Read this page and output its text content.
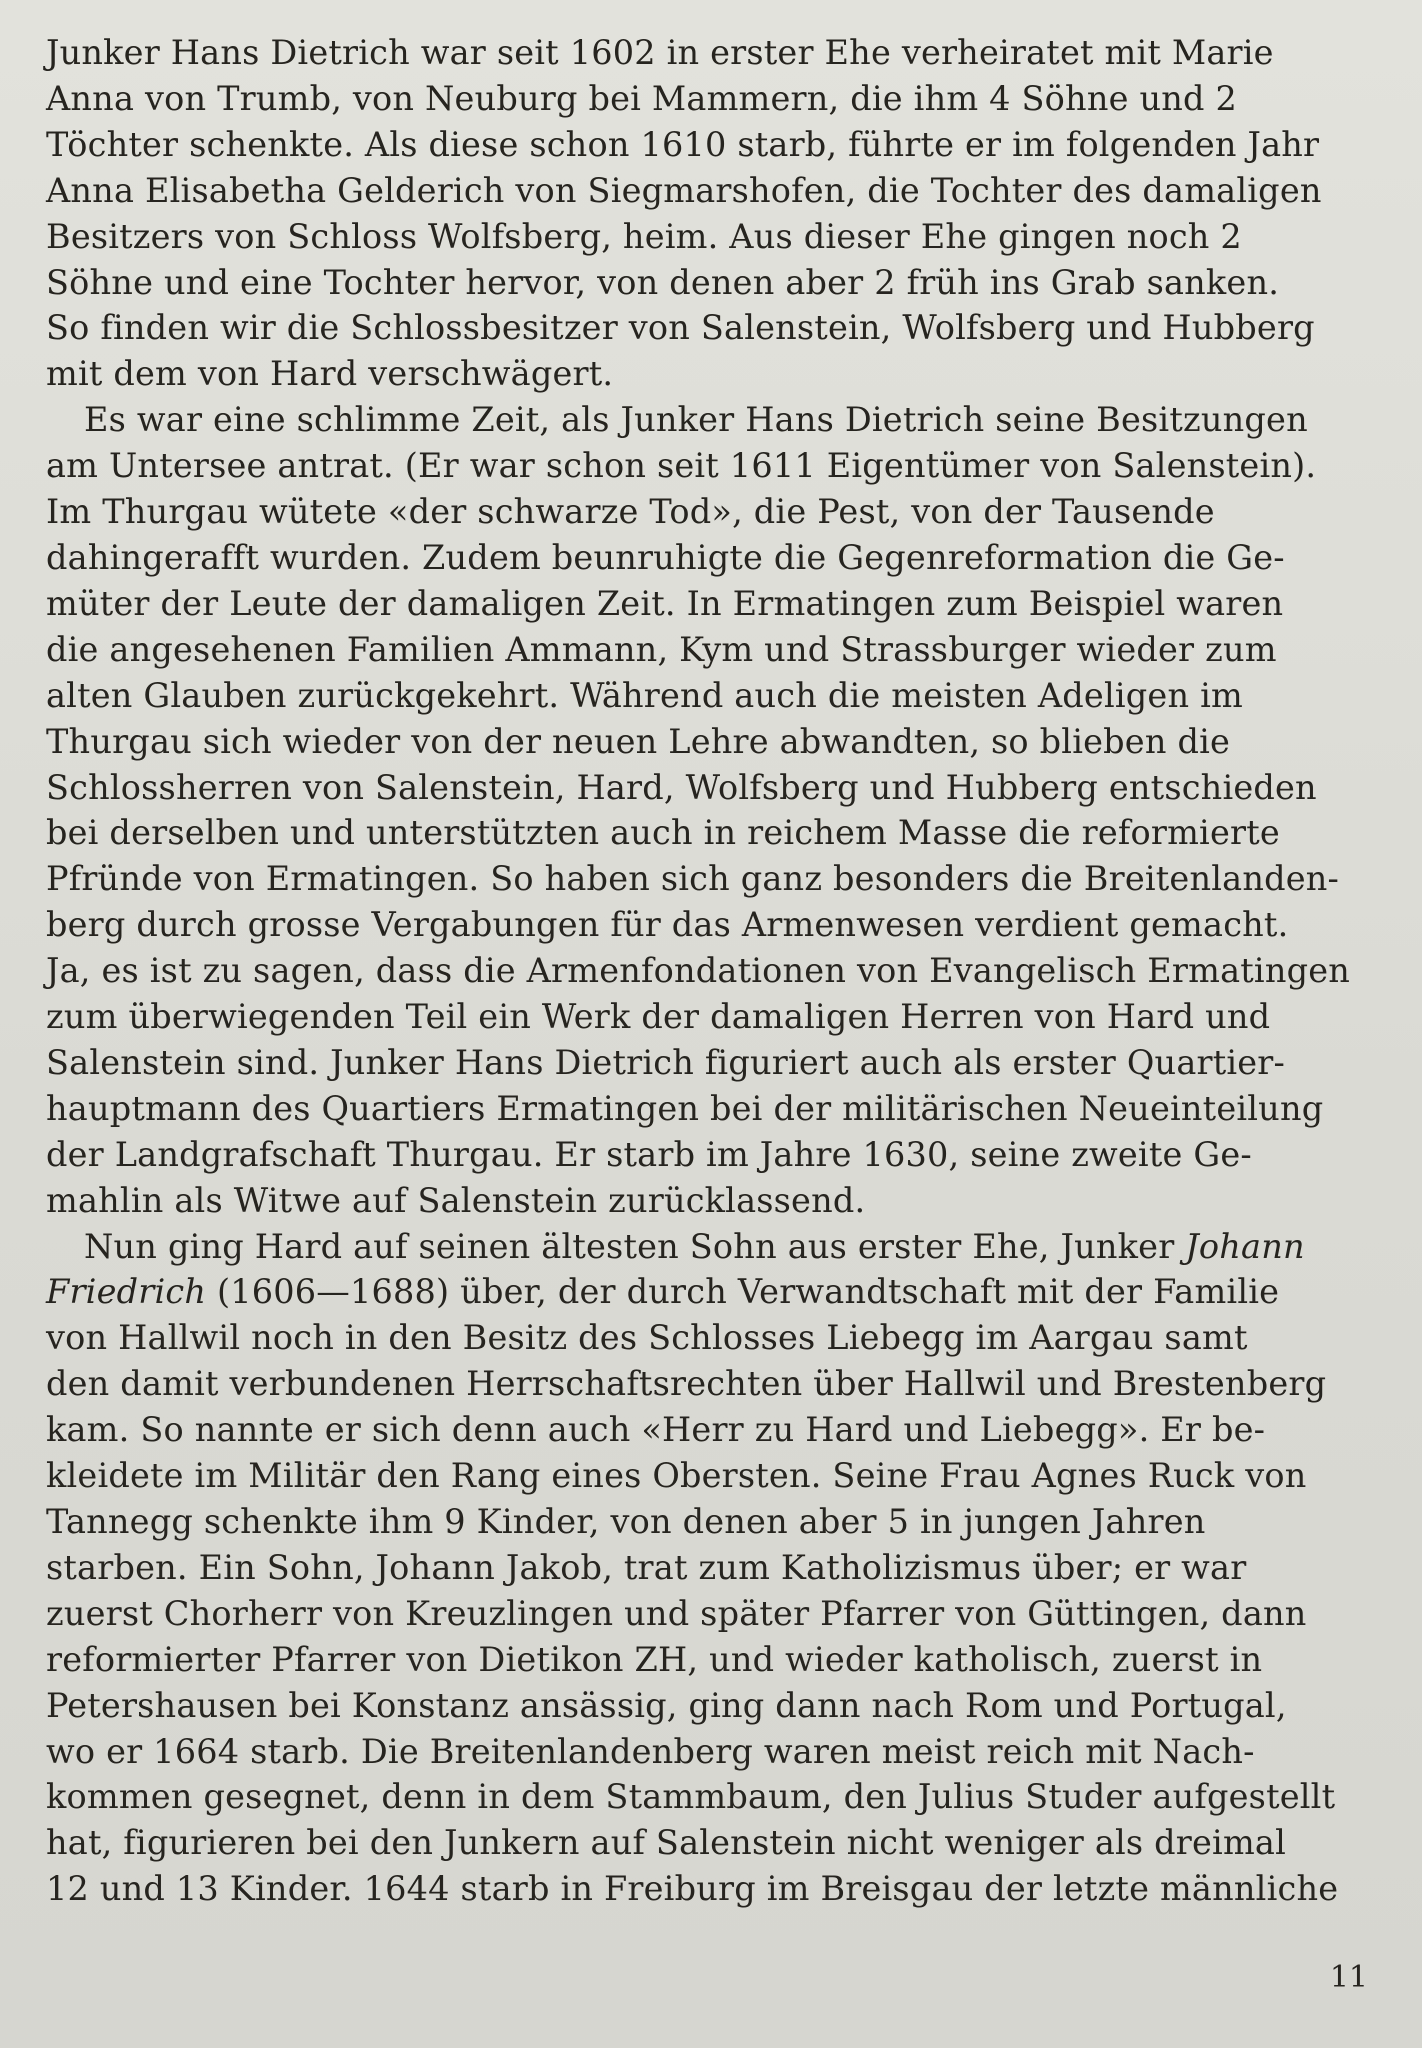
Junker Hans Dietrich war seit 1602 in erster Ehe verheiratet mit Marie
Anna von Trumb, von Neuburg bei Mammern, die ihm 4 Söhne und 2
Töchter schenkte. Als diese schon 1610 starb, führte er im folgenden Jahr
Anna Elisabetha Gelderich von Siegmarshofen, die Tochter des damaligen
Besitzers von Schloss Wolfsberg, heim. Aus dieser Ehe gingen noch 2
Söhne und eine Tochter hervor, von denen aber 2 früh ins Grab sanken.
So finden wir die Schlossbesitzer von Salenstein, Wolfsberg und Hubberg
mit dem von Hard verschwägert.
Es war eine schlimme Zeit, als Junker Hans Dietrich seine Besitzungen
am Untersee antrat. (Er war schon seit 1611 Eigentümer von Salenstein).
Im Thurgau wütete «der schwarze Tod», die Pest, von der Tausende
dahingerafft wurden. Zudem beunruhigte die Gegenreformation die Ge-
müter der Leute der damaligen Zeit. In Ermatingen zum Beispiel waren
die angesehenen Familien Ammann, Kym und Strassburger wieder zum
alten Glauben zurückgekehrt. Während auch die meisten Adeligen im
Thurgau sich wieder von der neuen Lehre abwandten, so blieben die
Schlossherren von Salenstein, Hard, Wolfsberg und Hubberg entschieden
bei derselben und unterstützten auch in reichem Masse die reformierte
Pfründe von Ermatingen. So haben sich ganz besonders die Breitenlanden-
berg durch grosse Vergabungen für das Armenwesen verdient gemacht.
Ja, es ist zu sagen, dass die Armenfondationen von Evangelisch Ermatingen
zum überwiegenden Teil ein Werk der damaligen Herren von Hard und
Salenstein sind. Junker Hans Dietrich figuriert auch als erster Quartier-
hauptmann des Quartiers Ermatingen bei der militärischen Neueinteilung
der Landgrafschaft Thurgau. Er starb im Jahre 1630, seine zweite Ge-
mahlin als Witwe auf Salenstein zurücklassend.
Nun ging Hard auf seinen ältesten Sohn aus erster Ehe, Junker Johann
Friedrich (1606—1688) über, der durch Verwandtschaft mit der Familie
von Hallwil noch in den Besitz des Schlosses Liebegg im Aargau samt
den damit verbundenen Herrschaftsrechten über Hallwil und Brestenberg
kam. So nannte er sich denn auch «Herr zu Hard und Liebegg». Er be-
kleidete im Militär den Rang eines Obersten. Seine Frau Agnes Ruck von
Tannegg schenkte ihm 9 Kinder, von denen aber 5 in jungen Jahren
starben. Ein Sohn, Johann Jakob, trat zum Katholizismus über; er war
zuerst Chorherr von Kreuzlingen und später Pfarrer von Güttingen, dann
reformierter Pfarrer von Dietikon ZH, und wieder katholisch, zuerst in
Petershausen bei Konstanz ansässig, ging dann nach Rom und Portugal,
wo er 1664 starb. Die Breitenlandenberg waren meist reich mit Nach-
kommen gesegnet, denn in dem Stammbaum, den Julius Studer aufgestellt
hat, figurieren bei den Junkern auf Salenstein nicht weniger als dreimal
12 und 13 Kinder. 1644 starb in Freiburg im Breisgau der letzte männliche
11
